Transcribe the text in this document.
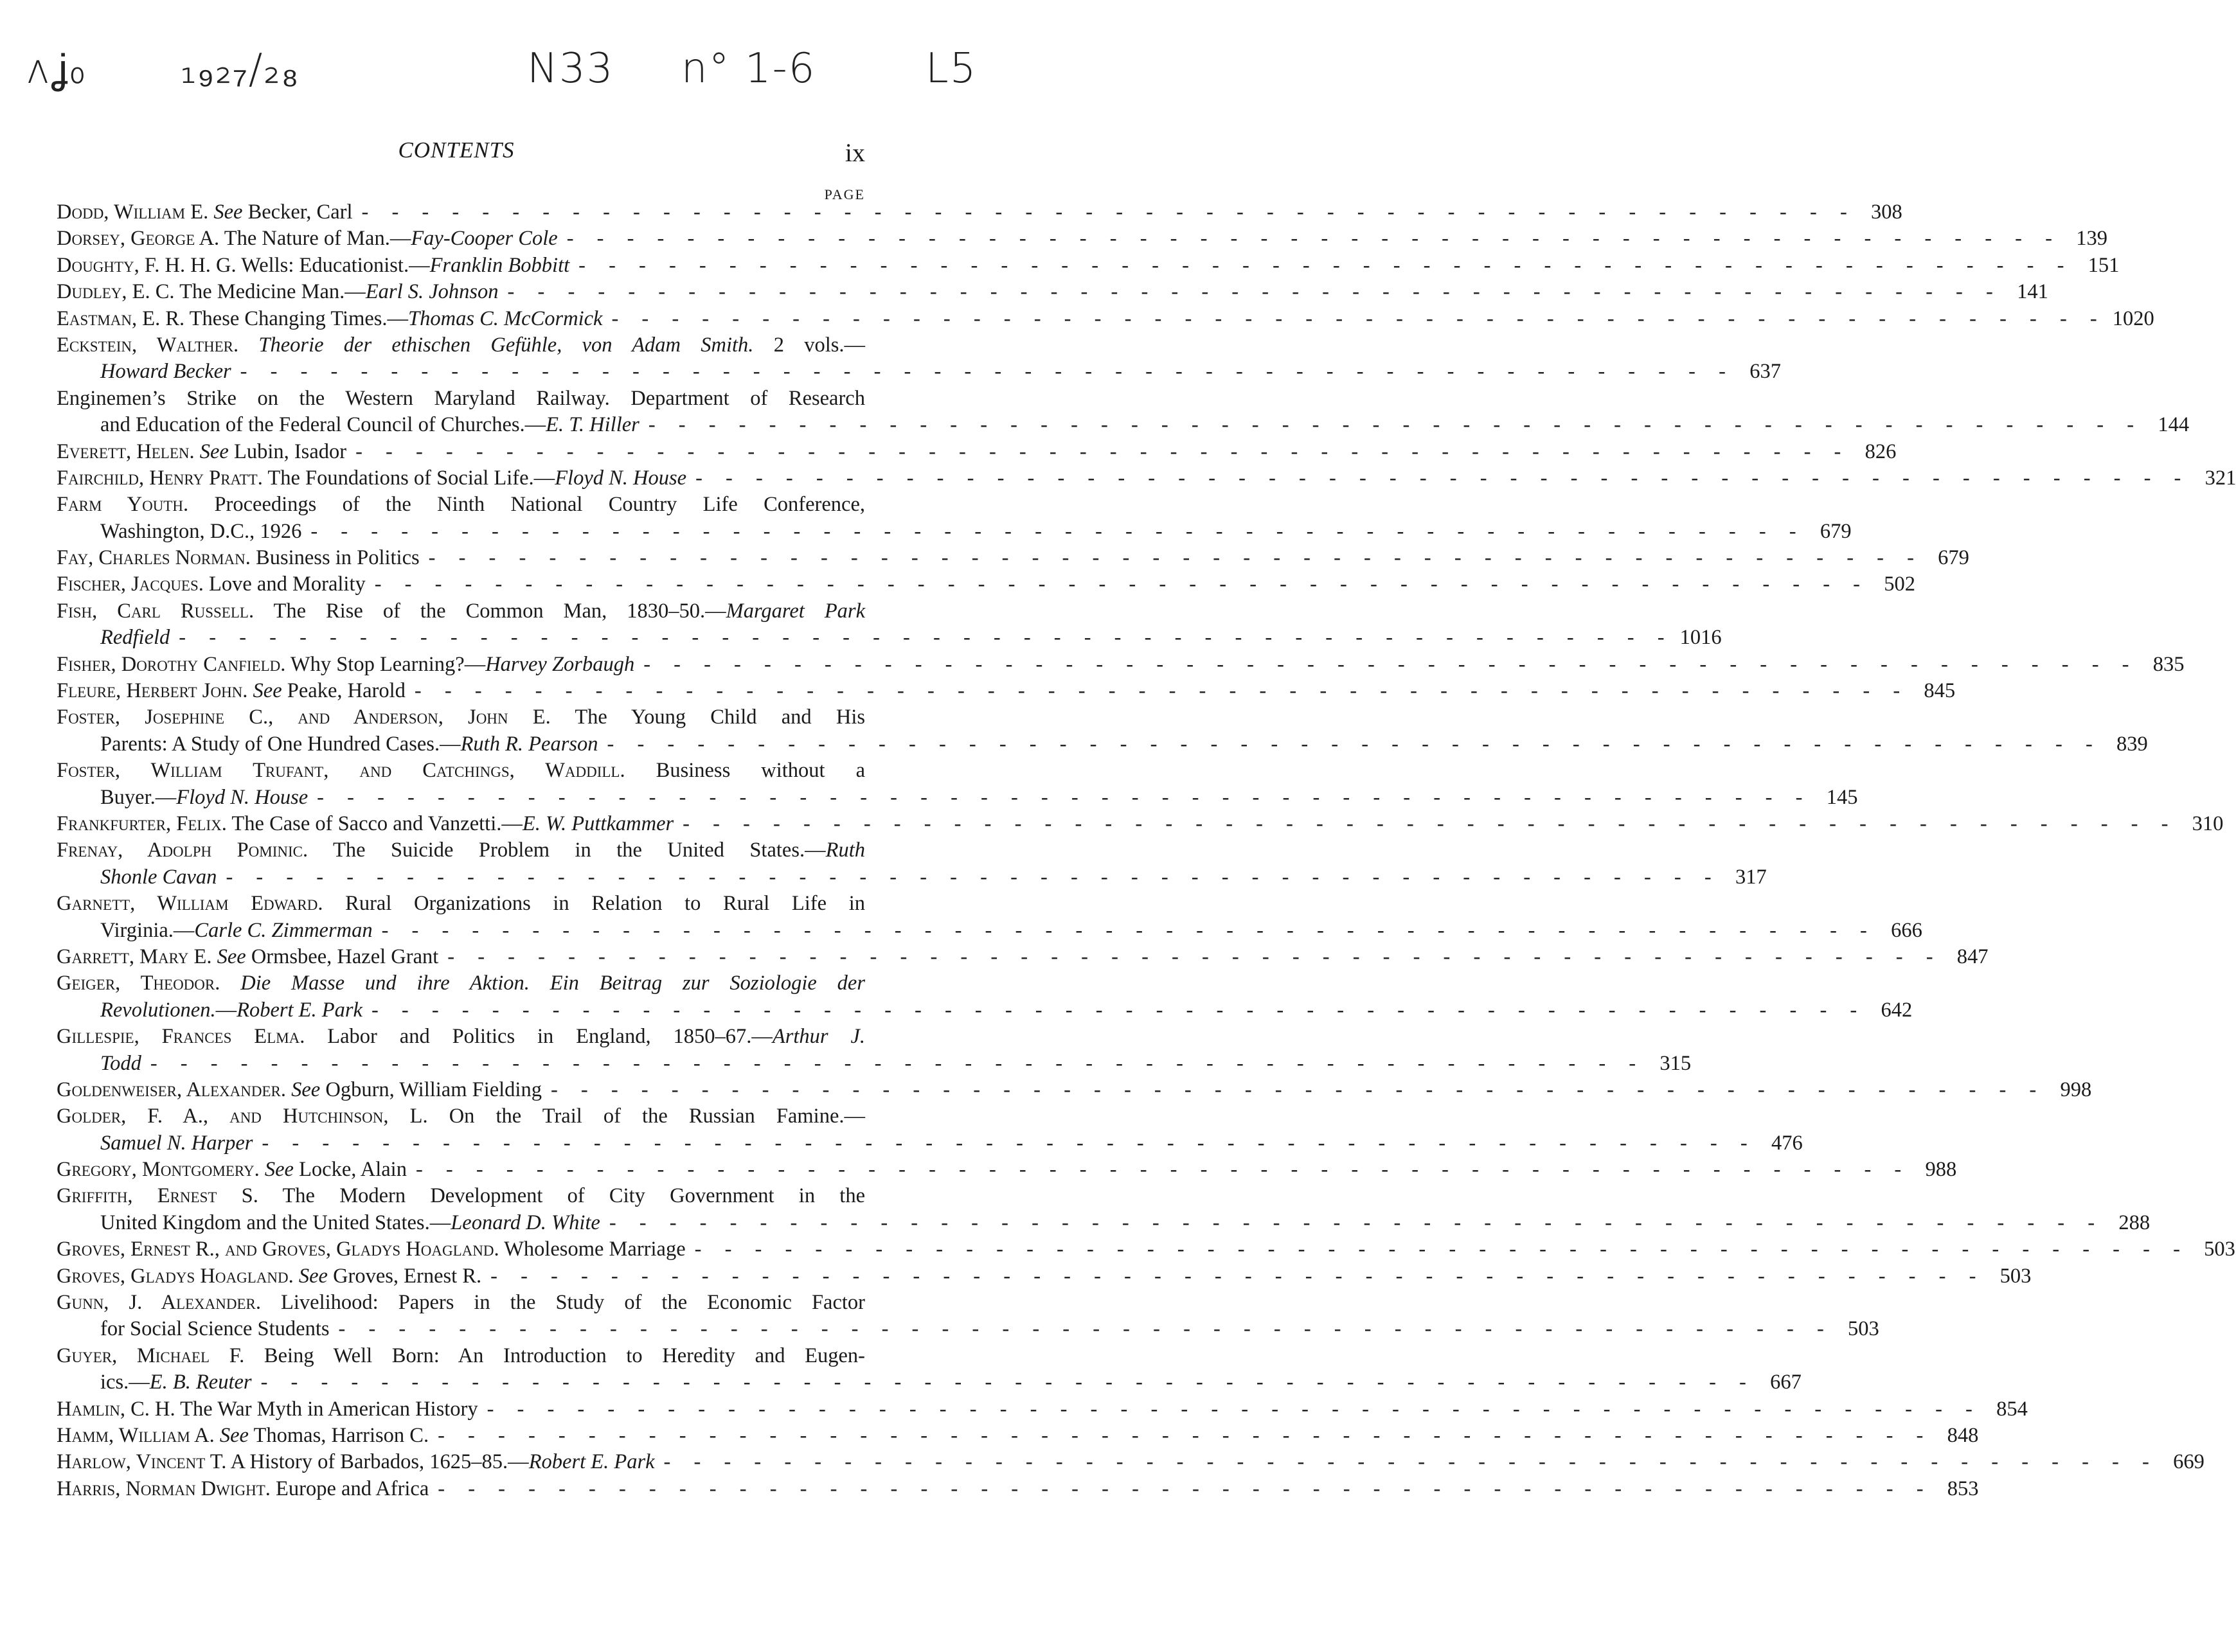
ʌʝ₀ ₁₉₂₇/₂₈	N33 n° 1-6	L5
CONTENTS	ix
PAGE
Dodd, William E. See Becker, Carl - - -	308
Dorsey, George A. The Nature of Man.—Fay-Cooper Cole - - -	139
Doughty, F. H. H. G. Wells: Educationist.—Franklin Bobbitt - - -	151
Dudley, E. C. The Medicine Man.—Earl S. Johnson - - -	141
Eastman, E. R. These Changing Times.—Thomas C. McCormick - - -	1020
Eckstein, Walther. Theorie der ethischen Gefühle, von Adam Smith. 2 vols.—
Howard Becker - - -	637
Enginemen’s Strike on the Western Maryland Railway. Department of Research
and Education of the Federal Council of Churches.—E. T. Hiller - - -	144
Everett, Helen. See Lubin, Isador - - -	826
Fairchild, Henry Pratt. The Foundations of Social Life.—Floyd N. House - - -	321
Farm Youth. Proceedings of the Ninth National Country Life Conference,
Washington, D.C., 1926 - - -	679
Fay, Charles Norman. Business in Politics - - -	679
Fischer, Jacques. Love and Morality - - -	502
Fish, Carl Russell. The Rise of the Common Man, 1830–50.—Margaret Park
Redfield - - -	1016
Fisher, Dorothy Canfield. Why Stop Learning?—Harvey Zorbaugh - - -	835
Fleure, Herbert John. See Peake, Harold - - -	845
Foster, Josephine C., and Anderson, John E. The Young Child and His
Parents: A Study of One Hundred Cases.—Ruth R. Pearson - - -	839
Foster, William Trufant, and Catchings, Waddill. Business without a
Buyer.—Floyd N. House - - -	145
Frankfurter, Felix. The Case of Sacco and Vanzetti.—E. W. Puttkammer - - -	310
Frenay, Adolph Pominic. The Suicide Problem in the United States.—Ruth
Shonle Cavan - - -	317
Garnett, William Edward. Rural Organizations in Relation to Rural Life in
Virginia.—Carle C. Zimmerman - - -	666
Garrett, Mary E. See Ormsbee, Hazel Grant - - -	847
Geiger, Theodor. Die Masse und ihre Aktion. Ein Beitrag zur Soziologie der
Revolutionen.—Robert E. Park - - -	642
Gillespie, Frances Elma. Labor and Politics in England, 1850–67.—Arthur J.
Todd - - -	315
Goldenweiser, Alexander. See Ogburn, William Fielding - - -	998
Golder, F. A., and Hutchinson, L. On the Trail of the Russian Famine.—
Samuel N. Harper - - -	476
Gregory, Montgomery. See Locke, Alain - - -	988
Griffith, Ernest S. The Modern Development of City Government in the
United Kingdom and the United States.—Leonard D. White - - -	288
Groves, Ernest R., and Groves, Gladys Hoagland. Wholesome Marriage - - -	503
Groves, Gladys Hoagland. See Groves, Ernest R. - - -	503
Gunn, J. Alexander. Livelihood: Papers in the Study of the Economic Factor
for Social Science Students - - -	503
Guyer, Michael F. Being Well Born: An Introduction to Heredity and Eugen-
ics.—E. B. Reuter - - -	667
Hamlin, C. H. The War Myth in American History - - -	854
Hamm, William A. See Thomas, Harrison C. - - -	848
Harlow, Vincent T. A History of Barbados, 1625–85.—Robert E. Park - - -	669
Harris, Norman Dwight. Europe and Africa - - -	853
